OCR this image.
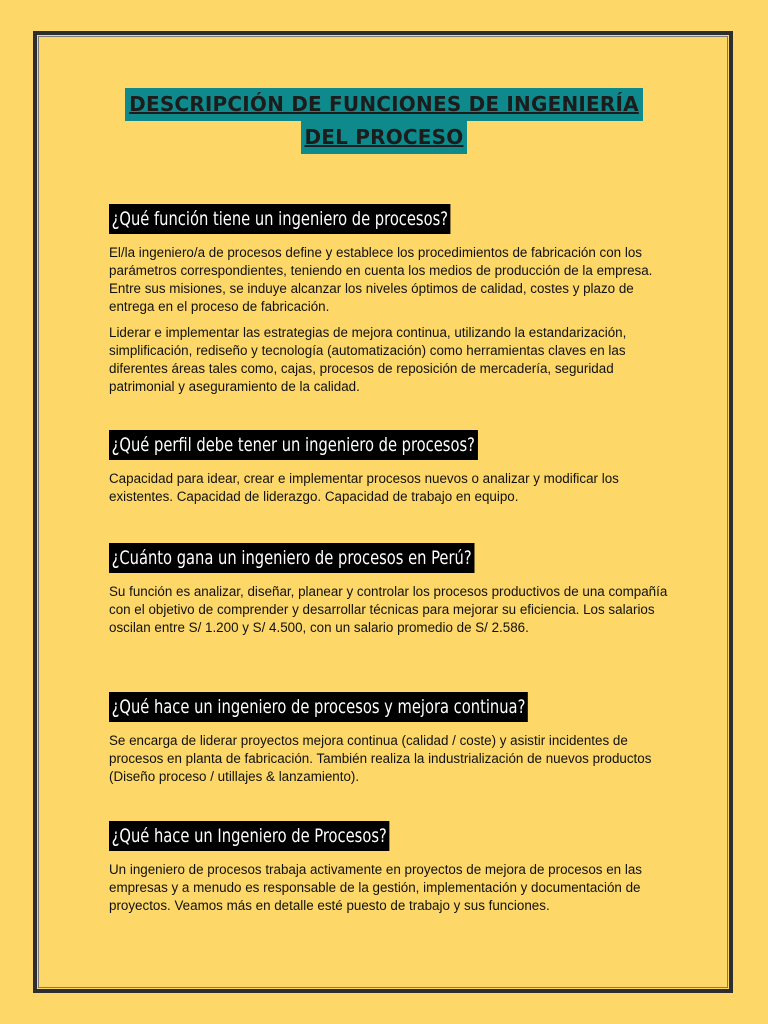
DESCRIPCIÓN DE FUNCIONES DE INGENIERÍA
DEL PROCESO
¿Qué función tiene un ingeniero de procesos?

El/la ingeniero/a de procesos define y establece los procedimientos de fabricación con los parámetros correspondientes, teniendo en cuenta los medios de producción de la empresa. Entre sus misiones, se induye alcanzar los niveles óptimos de calidad, costes y plazo de entrega en el proceso de fabricación.

Liderar e implementar las estrategias de mejora continua, utilizando la estandarización, simplificación, rediseño y tecnología (automatización) como herramientas claves en las diferentes áreas tales como, cajas, procesos de reposición de mercadería, seguridad patrimonial y aseguramiento de la calidad.

¿Qué perfil debe tener un ingeniero de procesos?

Capacidad para idear, crear e implementar procesos nuevos o analizar y modificar los existentes. Capacidad de liderazgo. Capacidad de trabajo en equipo.

¿Cuánto gana un ingeniero de procesos en Perú?

Su función es analizar, diseñar, planear y controlar los procesos productivos de una compañía con el objetivo de comprender y desarrollar técnicas para mejorar su eficiencia. Los salarios oscilan entre S/ 1.200 y S/ 4.500, con un salario promedio de S/ 2.586.

¿Qué hace un ingeniero de procesos y mejora continua?

Se encarga de liderar proyectos mejora continua (calidad / coste) y asistir incidentes de procesos en planta de fabricación. También realiza la industrialización de nuevos productos (Diseño proceso / utillajes & lanzamiento).

¿Qué hace un Ingeniero de Procesos?

Un ingeniero de procesos trabaja activamente en proyectos de mejora de procesos en las empresas y a menudo es responsable de la gestión, implementación y documentación de proyectos. Veamos más en detalle esté puesto de trabajo y sus funciones.
